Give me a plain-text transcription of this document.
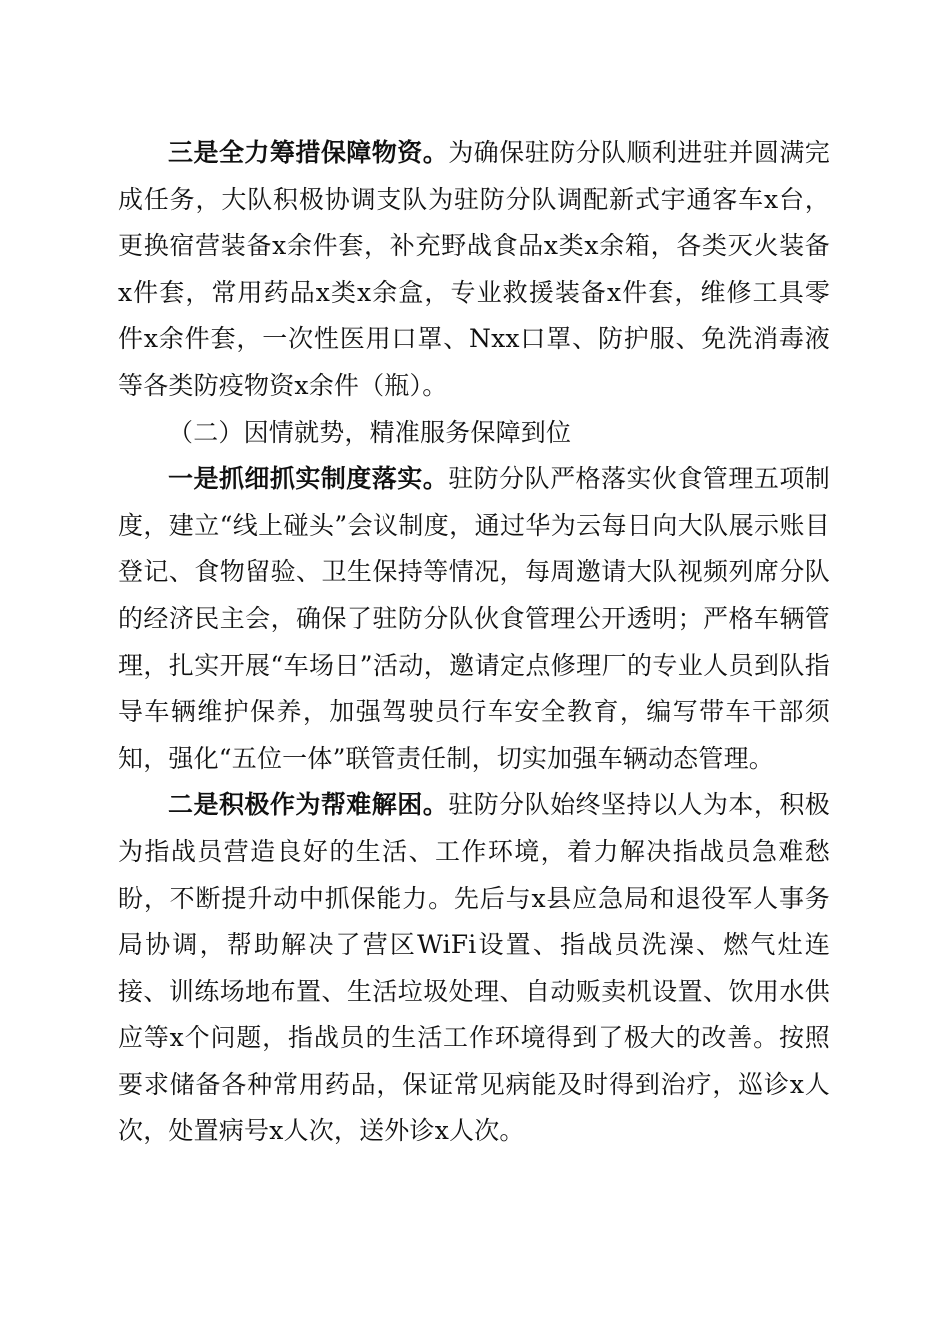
三是全力筹措保障物资。为确保驻防分队顺利进驻并圆满完成任务，大队积极协调支队为驻防分队调配新式宇通客车x台，更换宿营装备x余件套，补充野战食品x类x余箱，各类灭火装备x件套，常用药品x类x余盒，专业救援装备x件套，维修工具零件x余件套，一次性医用口罩、Nxx口罩、防护服、免洗消毒液等各类防疫物资x余件（瓶）。

（二）因情就势，精准服务保障到位

一是抓细抓实制度落实。驻防分队严格落实伙食管理五项制度，建立“线上碰头”会议制度，通过华为云每日向大队展示账目登记、食物留验、卫生保持等情况，每周邀请大队视频列席分队的经济民主会，确保了驻防分队伙食管理公开透明；严格车辆管理，扎实开展“车场日”活动，邀请定点修理厂的专业人员到队指导车辆维护保养，加强驾驶员行车安全教育，编写带车干部须知，强化“五位一体”联管责任制，切实加强车辆动态管理。

二是积极作为帮难解困。驻防分队始终坚持以人为本，积极为指战员营造良好的生活、工作环境，着力解决指战员急难愁盼，不断提升动中抓保能力。先后与x县应急局和退役军人事务局协调，帮助解决了营区WiFi设置、指战员洗澡、燃气灶连接、训练场地布置、生活垃圾处理、自动贩卖机设置、饮用水供应等x个问题，指战员的生活工作环境得到了极大的改善。按照要求储备各种常用药品，保证常见病能及时得到治疗，巡诊x人次，处置病号x人次，送外诊x人次。
